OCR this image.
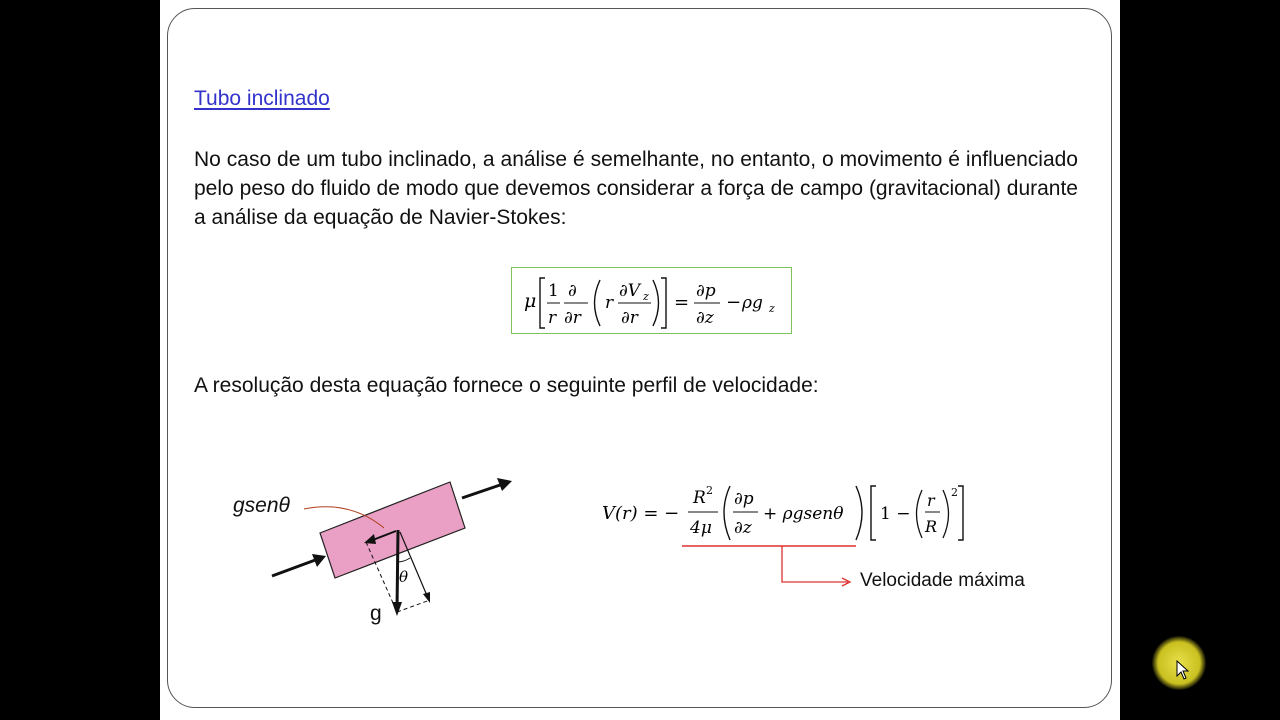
Tubo inclinado

No caso de um tubo inclinado, a análise é semelhante, no entanto, o movimento é influenciado pelo peso do fluido de modo que devemos considerar a força de campo (gravitacional) durante a análise da equação de Navier-Stokes:

μ 1
r
∂
∂r
r
∂V z
∂r
=
∂p
∂z
− ρg z

A resolução desta equação fornece o seguinte perfil de velocidade:

V(r) = −
R 2
4μ
∂p
∂z
+ ρgsenθ 1 −
r
R
2
Velocidade máxima
θ
gsenθ
g
